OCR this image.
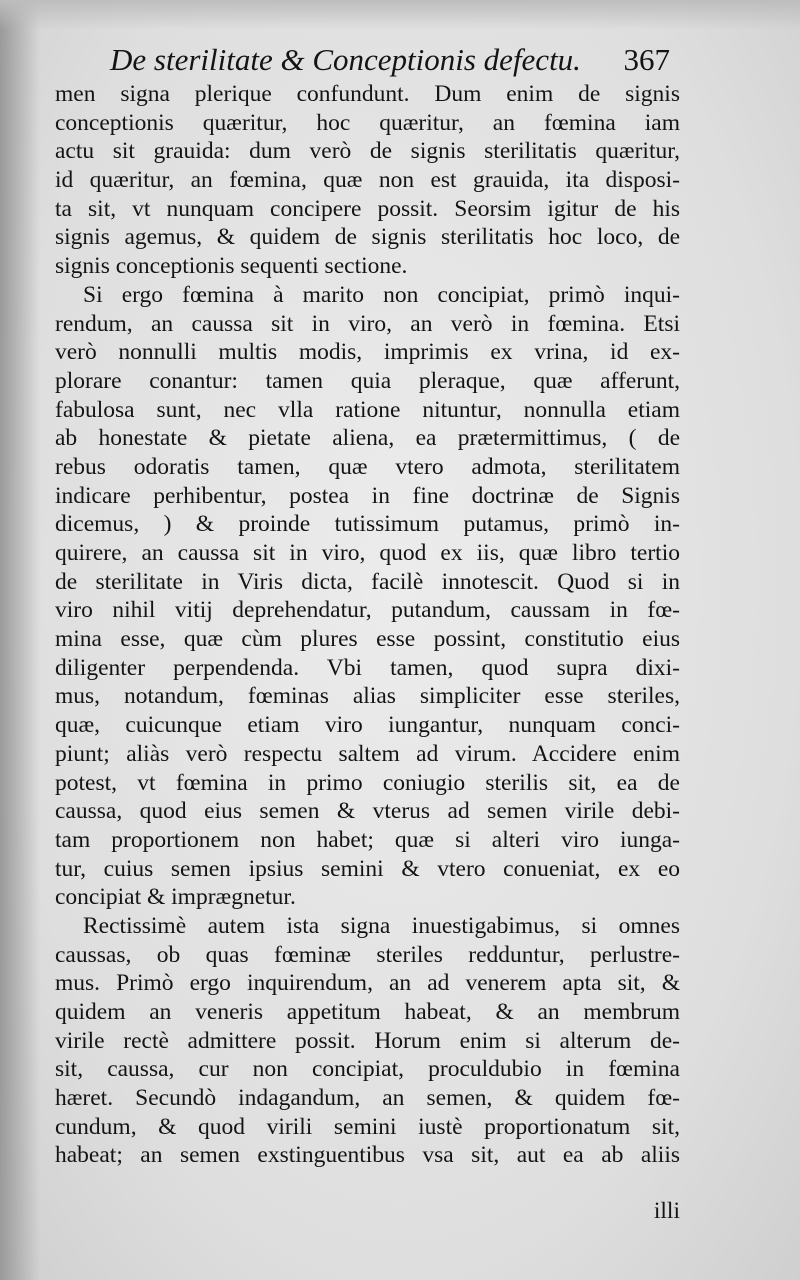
De sterilitate & Conceptionis defectu. 367
men signa plerique confundunt. Dum enim de signis
conceptionis quæritur, hoc quæritur, an fœmina iam
actu sit grauida: dum verò de signis sterilitatis quæritur,
id quæritur, an fœmina, quæ non est grauida, ita disposi-
ta sit, vt nunquam concipere possit. Seorsim igitur de his
signis agemus, & quidem de signis sterilitatis hoc loco, de
signis conceptionis sequenti sectione.
Si ergo fœmina à marito non concipiat, primò inqui-
rendum, an caussa sit in viro, an verò in fœmina. Etsi
verò nonnulli multis modis, imprimis ex vrina, id ex-
plorare conantur: tamen quia pleraque, quæ afferunt,
fabulosa sunt, nec vlla ratione nituntur, nonnulla etiam
ab honestate & pietate aliena, ea prætermittimus, ( de
rebus odoratis tamen, quæ vtero admota, sterilitatem
indicare perhibentur, postea in fine doctrinæ de Signis
dicemus, ) & proinde tutissimum putamus, primò in-
quirere, an caussa sit in viro, quod ex iis, quæ libro tertio
de sterilitate in Viris dicta, facilè innotescit. Quod si in
viro nihil vitij deprehendatur, putandum, caussam in fœ-
mina esse, quæ cùm plures esse possint, constitutio eius
diligenter perpendenda. Vbi tamen, quod supra dixi-
mus, notandum, fœminas alias simpliciter esse steriles,
quæ, cuicunque etiam viro iungantur, nunquam conci-
piunt; aliàs verò respectu saltem ad virum. Accidere enim
potest, vt fœmina in primo coniugio sterilis sit, ea de
caussa, quod eius semen & vterus ad semen virile debi-
tam proportionem non habet; quæ si alteri viro iunga-
tur, cuius semen ipsius semini & vtero conueniat, ex eo
concipiat & imprægnetur.
Rectissimè autem ista signa inuestigabimus, si omnes
caussas, ob quas fœminæ steriles redduntur, perlustre-
mus. Primò ergo inquirendum, an ad venerem apta sit, &
quidem an veneris appetitum habeat, & an membrum
virile rectè admittere possit. Horum enim si alterum de-
sit, caussa, cur non concipiat, proculdubio in fœmina
hæret. Secundò indagandum, an semen, & quidem fœ-
cundum, & quod virili semini iustè proportionatum sit,
habeat; an semen exstinguentibus vsa sit, aut ea ab aliis
illi
